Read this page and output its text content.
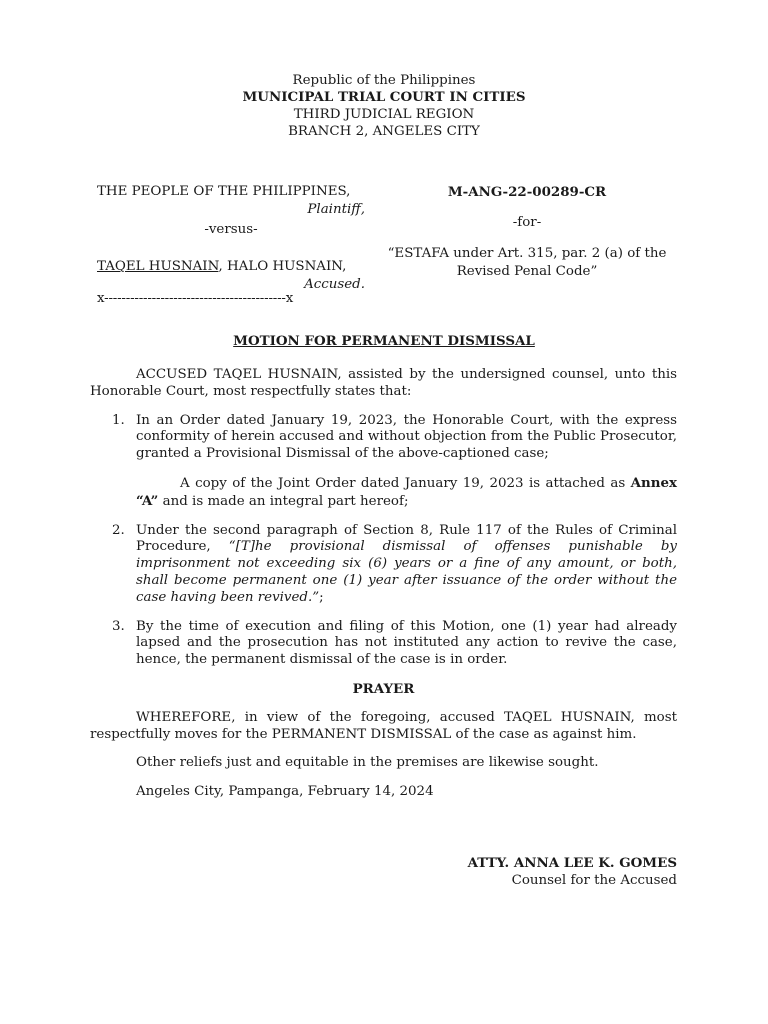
Republic of the Philippines
MUNICIPAL TRIAL COURT IN CITIES
THIRD JUDICIAL REGION
BRANCH 2, ANGELES CITY
THE PEOPLE OF THE PHILIPPINES,
Plaintiff,
-versus-
TAQEL HUSNAIN, HALO HUSNAIN,
Accused.
x------------------------------------------x
M-ANG-22-00289-CR
-for-
“ESTAFA under Art. 315, par. 2 (a) of the Revised Penal Code”
MOTION FOR PERMANENT DISMISSAL

ACCUSED TAQEL HUSNAIN, assisted by the undersigned counsel, unto this Honorable Court, most respectfully states that:

1. In an Order dated January 19, 2023, the Honorable Court, with the express conformity of herein accused and without objection from the Public Prosecutor, granted a Provisional Dismissal of the above-captioned case;
A copy of the Joint Order dated January 19, 2023 is attached as Annex “A” and is made an integral part hereof;
2. Under the second paragraph of Section 8, Rule 117 of the Rules of Criminal Procedure, “[T]he provisional dismissal of offenses punishable by imprisonment not exceeding six (6) years or a fine of any amount, or both, shall become permanent one (1) year after issuance of the order without the case having been revived.”;
3. By the time of execution and filing of this Motion, one (1) year had already lapsed and the prosecution has not instituted any action to revive the case, hence, the permanent dismissal of the case is in order.
PRAYER

WHEREFORE, in view of the foregoing, accused TAQEL HUSNAIN, most respectfully moves for the PERMANENT DISMISSAL of the case as against him.

Other reliefs just and equitable in the premises are likewise sought.

Angeles City, Pampanga, February 14, 2024

ATTY. ANNA LEE K. GOMES
Counsel for the Accused
